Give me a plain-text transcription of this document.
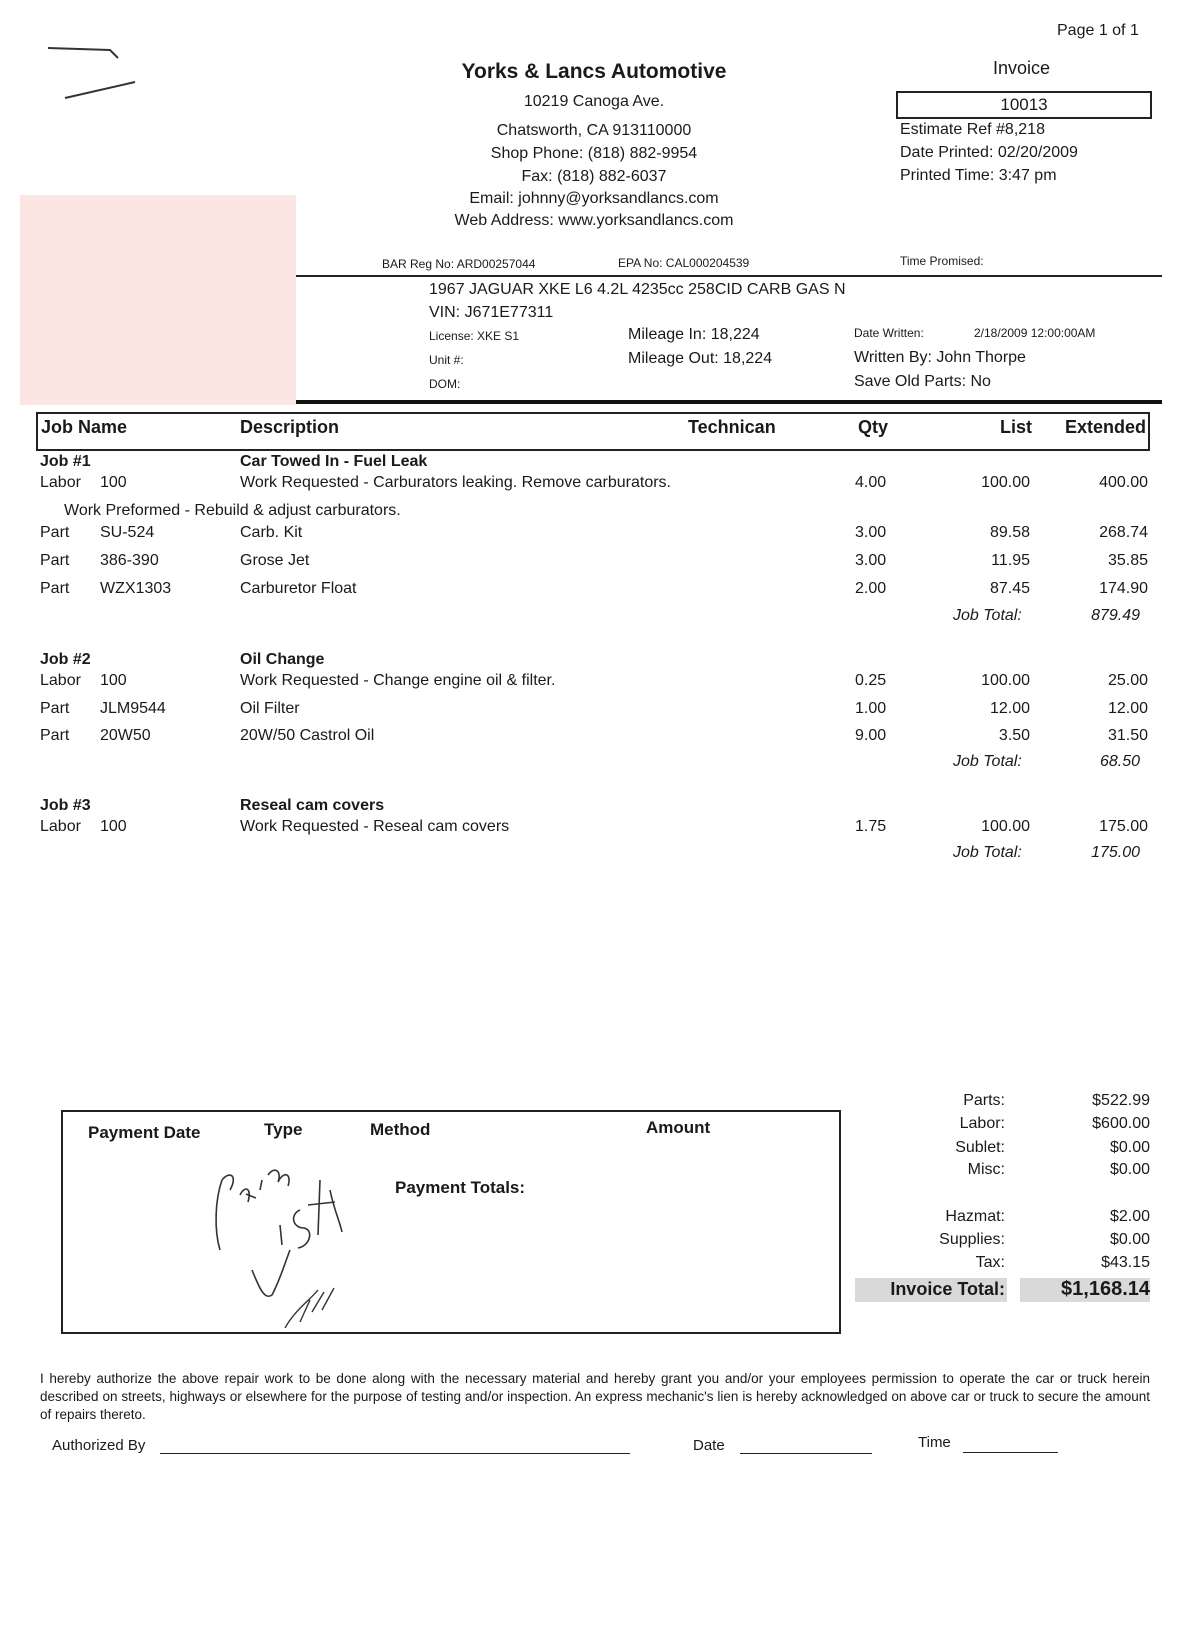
Page 1 of 1
Yorks & Lancs Automotive
10219 Canoga Ave.
Chatsworth, CA 913110000
Shop Phone: (818) 882-9954
Fax: (818) 882-6037
Email: johnny@yorksandlancs.com
Web Address: www.yorksandlancs.com
Invoice
10013
Estimate Ref #8,218
Date Printed: 02/20/2009
Printed Time: 3:47 pm
BAR Reg No: ARD00257044	EPA No: CAL000204539	Time Promised:
1967 JAGUAR XKE L6 4.2L 4235cc 258CID CARB GAS N
VIN: J671E77311
License: XKE S1
Unit #:
DOM:
Mileage In: 18,224
Mileage Out: 18,224
Date Written:	2/18/2009 12:00:00AM
Written By: John Thorpe
Save Old Parts: No
Job Name	Description	Technican	Qty	List	Extended
Job #1	Car Towed In - Fuel Leak
Labor 100	Work Requested - Carburators leaking. Remove carburators.	4.00	100.00	400.00
Work Preformed - Rebuild & adjust carburators.
Part SU-524	Carb. Kit	3.00	89.58	268.74
Part 386-390	Grose Jet	3.00	11.95	35.85
Part WZX1303	Carburetor Float	2.00	87.45	174.90
Job Total:	879.49
Job #2	Oil Change
Labor 100	Work Requested - Change engine oil & filter.	0.25	100.00	25.00
Part JLM9544	Oil Filter	1.00	12.00	12.00
Part 20W50	20W/50 Castrol Oil	9.00	3.50	31.50
Job Total:	68.50
Job #3	Reseal cam covers
Labor 100	Work Requested - Reseal cam covers	1.75	100.00	175.00
Job Total:	175.00
Payment Date	Type	Method	Amount
Payment Totals:
Parts:	$522.99
Labor:	$600.00
Sublet:	$0.00
Misc:	$0.00
Hazmat:	$2.00
Supplies:	$0.00
Tax:	$43.15
Invoice Total:	$1,168.14
I hereby authorize the above repair work to be done along with the necessary material and hereby grant you and/or your employees permission to operate the car or truck herein described on streets, highways or elsewhere for the purpose of testing and/or inspection. An express mechanic's lien is hereby acknowledged on above car or truck to secure the amount of repairs thereto.
Authorized By	Date	Time
